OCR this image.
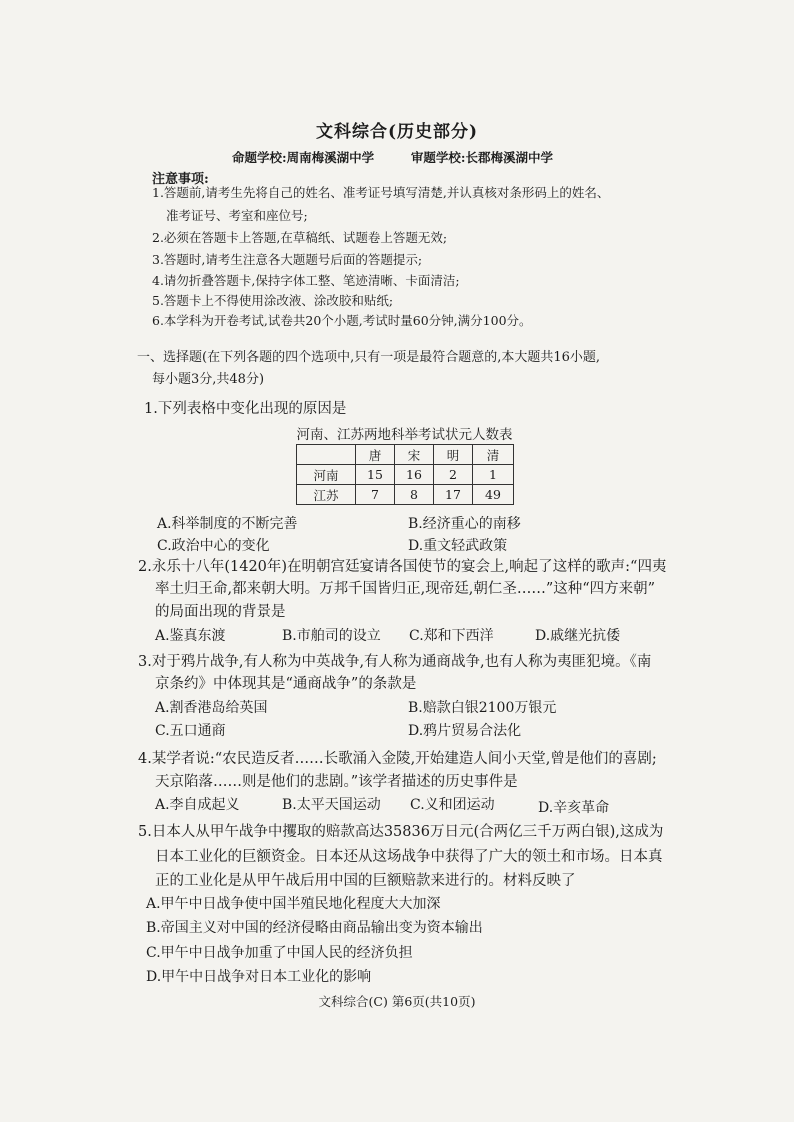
文科综合(历史部分)
命题学校:周南梅溪湖中学	审题学校:长郡梅溪湖中学
注意事项:
1.答题前,请考生先将自己的姓名、准考证号填写清楚,并认真核对条形码上的姓名、
准考证号、考室和座位号;
2.必须在答题卡上答题,在草稿纸、试题卷上答题无效;
3.答题时,请考生注意各大题题号后面的答题提示;
4.请勿折叠答题卡,保持字体工整、笔迹清晰、卡面清洁;
5.答题卡上不得使用涂改液、涂改胶和贴纸;
6.本学科为开卷考试,试卷共20个小题,考试时量60分钟,满分100分。
一、选择题(在下列各题的四个选项中,只有一项是最符合题意的,本大题共16小题,
每小题3分,共48分)
1.下列表格中变化出现的原因是
河南、江苏两地科举考试状元人数表
	唐	宋	明	清
河南	15	16	2	1
江苏	7	8	17	49
A.科举制度的不断完善	B.经济重心的南移
C.政治中心的变化	D.重文轻武政策
2.永乐十八年(1420年)在明朝宫廷宴请各国使节的宴会上,响起了这样的歌声:“四夷
率土归王命,都来朝大明。万邦千国皆归正,现帝廷,朝仁圣……”这种“四方来朝”
的局面出现的背景是
A.鉴真东渡	B.市舶司的设立 C.郑和下西洋	D.戚继光抗倭
3.对于鸦片战争,有人称为中英战争,有人称为通商战争,也有人称为夷匪犯境。《南
京条约》中体现其是“通商战争”的条款是
A.割香港岛给英国	B.赔款白银2100万银元
C.五口通商	D.鸦片贸易合法化
4.某学者说:“农民造反者……长歌涌入金陵,开始建造人间小天堂,曾是他们的喜剧;
天京陷落……则是他们的悲剧。”该学者描述的历史事件是
A.李自成起义	B.太平天国运动 C.义和团运动	D.辛亥革命
5.日本人从甲午战争中攫取的赔款高达35836万日元(合两亿三千万两白银),这成为
日本工业化的巨额资金。日本还从这场战争中获得了广大的领土和市场。日本真
正的工业化是从甲午战后用中国的巨额赔款来进行的。材料反映了
A.甲午中日战争使中国半殖民地化程度大大加深
B.帝国主义对中国的经济侵略由商品输出变为资本输出
C.甲午中日战争加重了中国人民的经济负担
D.甲午中日战争对日本工业化的影响
文科综合(C) 第6页(共10页)
